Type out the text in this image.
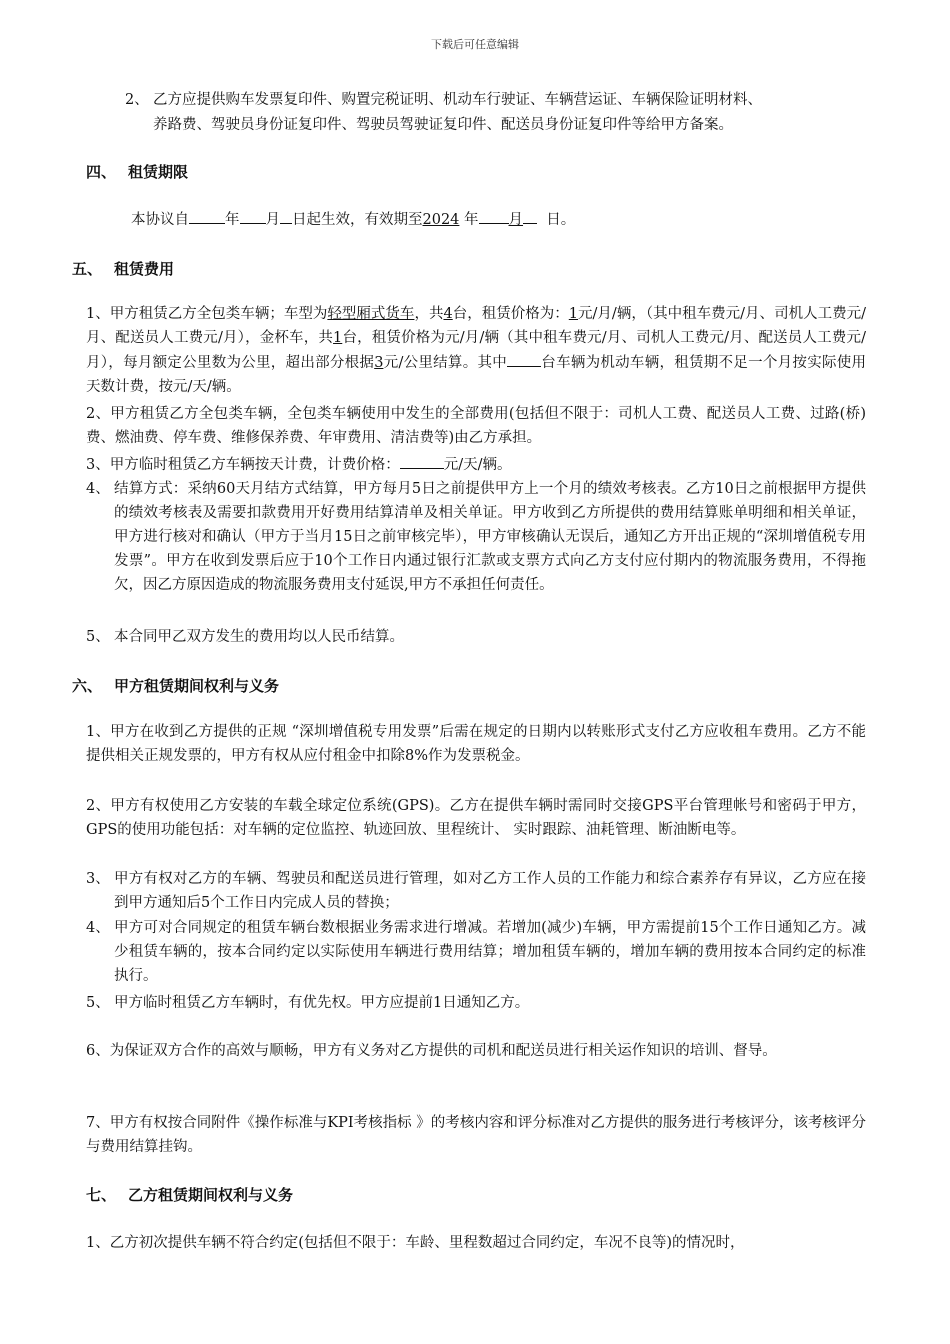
下载后可任意编辑
2、 乙方应提供购车发票复印件、购置完税证明、机动车行驶证、车辆营运证、车辆保险证明材料、
养路费、驾驶员身份证复印件、驾驶员驾驶证复印件、配送员身份证复印件等给甲方备案。
四、 租赁期限
本协议自 年 月 日起生效，有效期至2024 年 月 日。
五、 租赁费用
1、甲方租赁乙方全包类车辆；车型为轻型厢式货车，共4台，租赁价格为：1元/月/辆，（其中租车费元/月、司机人工费元/月、配送员人工费元/月），金杯车，共1台，租赁价格为元/月/辆（其中租车费元/月、司机人工费元/月、配送员人工费元/月），每月额定公里数为公里，超出部分根据3元/公里结算。其中 台车辆为机动车辆，租赁期不足一个月按实际使用天数计费，按元/天/辆。
2、甲方租赁乙方全包类车辆，全包类车辆使用中发生的全部费用(包括但不限于：司机人工费、配送员人工费、过路(桥)费、燃油费、停车费、维修保养费、年审费用、清洁费等)由乙方承担。
3、甲方临时租赁乙方车辆按天计费，计费价格：	元/天/辆。
4、 结算方式：采纳60天月结方式结算，甲方每月5日之前提供甲方上一个月的绩效考核表。乙方10日之前根据甲方提供的绩效考核表及需要扣款费用开好费用结算清单及相关单证。甲方收到乙方所提供的费用结算账单明细和相关单证，甲方进行核对和确认（甲方于当月15日之前审核完毕），甲方审核确认无误后，通知乙方开出正规的“深圳增值税专用发票”。甲方在收到发票后应于10个工作日内通过银行汇款或支票方式向乙方支付应付期内的物流服务费用，不得拖欠，因乙方原因造成的物流服务费用支付延误,甲方不承担任何责任。
5、 本合同甲乙双方发生的费用均以人民币结算。
六、 甲方租赁期间权利与义务
1、甲方在收到乙方提供的正规 “深圳增值税专用发票”后需在规定的日期内以转账形式支付乙方应收租车费用。乙方不能提供相关正规发票的，甲方有权从应付租金中扣除8%作为发票税金。
2、甲方有权使用乙方安装的车载全球定位系统(GPS)。乙方在提供车辆时需同时交接GPS平台管理帐号和密码于甲方， GPS的使用功能包括：对车辆的定位监控、轨迹回放、里程统计、 实时跟踪、油耗管理、断油断电等。
3、 甲方有权对乙方的车辆、驾驶员和配送员进行管理，如对乙方工作人员的工作能力和综合素养存有异议，乙方应在接到甲方通知后5个工作日内完成人员的替换；
4、 甲方可对合同规定的租赁车辆台数根据业务需求进行增减。若增加(减少)车辆，甲方需提前15个工作日通知乙方。减少租赁车辆的，按本合同约定以实际使用车辆进行费用结算；增加租赁车辆的，增加车辆的费用按本合同约定的标准执行。
5、 甲方临时租赁乙方车辆时，有优先权。甲方应提前1日通知乙方。
6、为保证双方合作的高效与顺畅，甲方有义务对乙方提供的司机和配送员进行相关运作知识的培训、督导。
7、甲方有权按合同附件《操作标准与KPI考核指标 》的考核内容和评分标准对乙方提供的服务进行考核评分，该考核评分与费用结算挂钩。
七、 乙方租赁期间权利与义务
1、乙方初次提供车辆不符合约定(包括但不限于：车龄、里程数超过合同约定，车况不良等)的情况时，
